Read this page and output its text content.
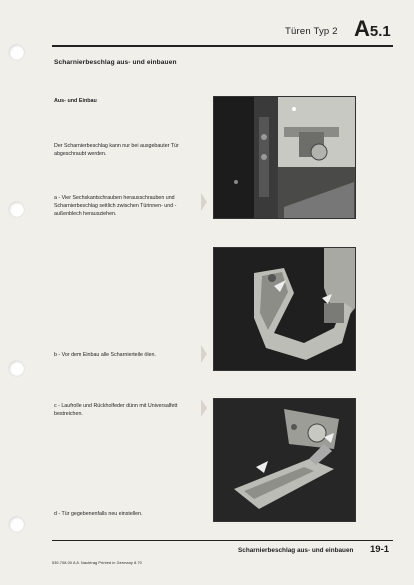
Türen Typ 2 A5.1
Scharnierbeschlag aus- und einbauen
Aus- und Einbau
Der Scharnierbeschlag kann nur bei ausgebauter Tür abgeschraubt werden.
a - Vier Sechskantschrauben herausschrauben und Scharnierbeschlag seitlich zwischen Türinnen- und -außenblech herausziehen.
b - Vor dem Einbau alle Scharnierteile ölen.
c - Laufrolle und Rückholfeder dünn mit Universalfett bestreichen.
d - Tür gegebenenfalls neu einstellen.
Scharnierbeschlag aus- und einbauen 19-1
539.708.00 A 8. Nachtrag Printed in Germany 8.70
